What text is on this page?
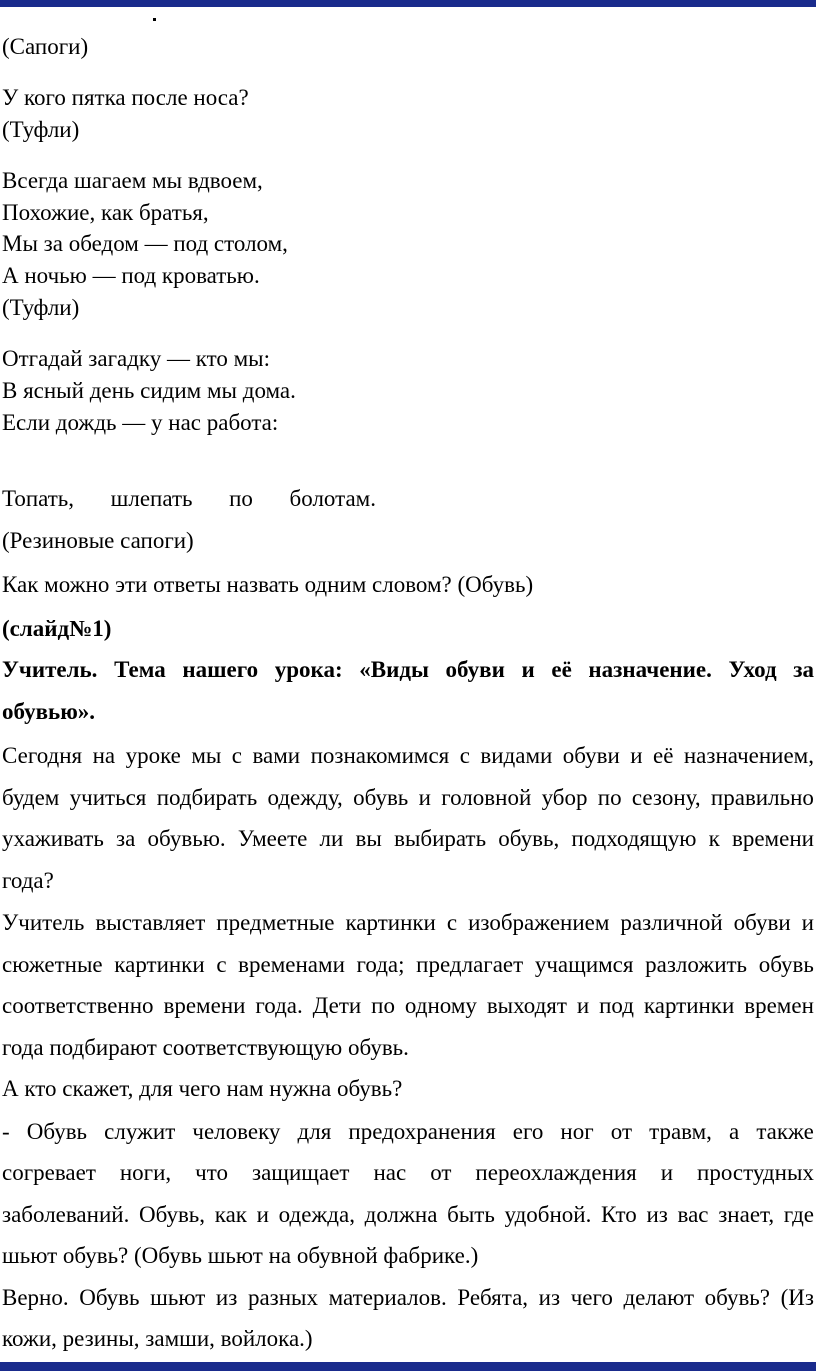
(Сапоги)
У кого пятка после носа?
(Туфли)
Всегда шагаем мы вдвоем,
Похожие, как братья,
Мы за обедом — под столом,
А ночью — под кроватью.
(Туфли)
Отгадай загадку — кто мы:
В ясный день сидим мы дома.
Если дождь — у нас работа:
Топать, шлепать по болотам.
(Резиновые сапоги)
Как можно эти ответы назвать одним словом? (Обувь)
(слайд№1)
Учитель. Тема нашего урока: «Виды обуви и её назначение. Уход за
обувью».
Сегодня на уроке мы с вами познакомимся с видами обуви и её назначением,
будем учиться подбирать одежду, обувь и головной убор по сезону, правильно
ухаживать за обувью. Умеете ли вы выбирать обувь, подходящую к времени
года?
Учитель выставляет предметные картинки с изображением различной обуви и
сюжетные картинки с временами года; предлагает учащимся разложить обувь
соответственно времени года. Дети по одному выходят и под картинки времен
года подбирают соответствующую обувь.
А кто скажет, для чего нам нужна обувь?
- Обувь служит человеку для предохранения его ног от травм, а также
согревает ноги, что защищает нас от переохлаждения и простудных
заболеваний. Обувь, как и одежда, должна быть удобной. Кто из вас знает, где
шьют обувь? (Обувь шьют на обувной фабрике.)
Верно. Обувь шьют из разных материалов. Ребята, из чего делают обувь? (Из
кожи, резины, замши, войлока.)
